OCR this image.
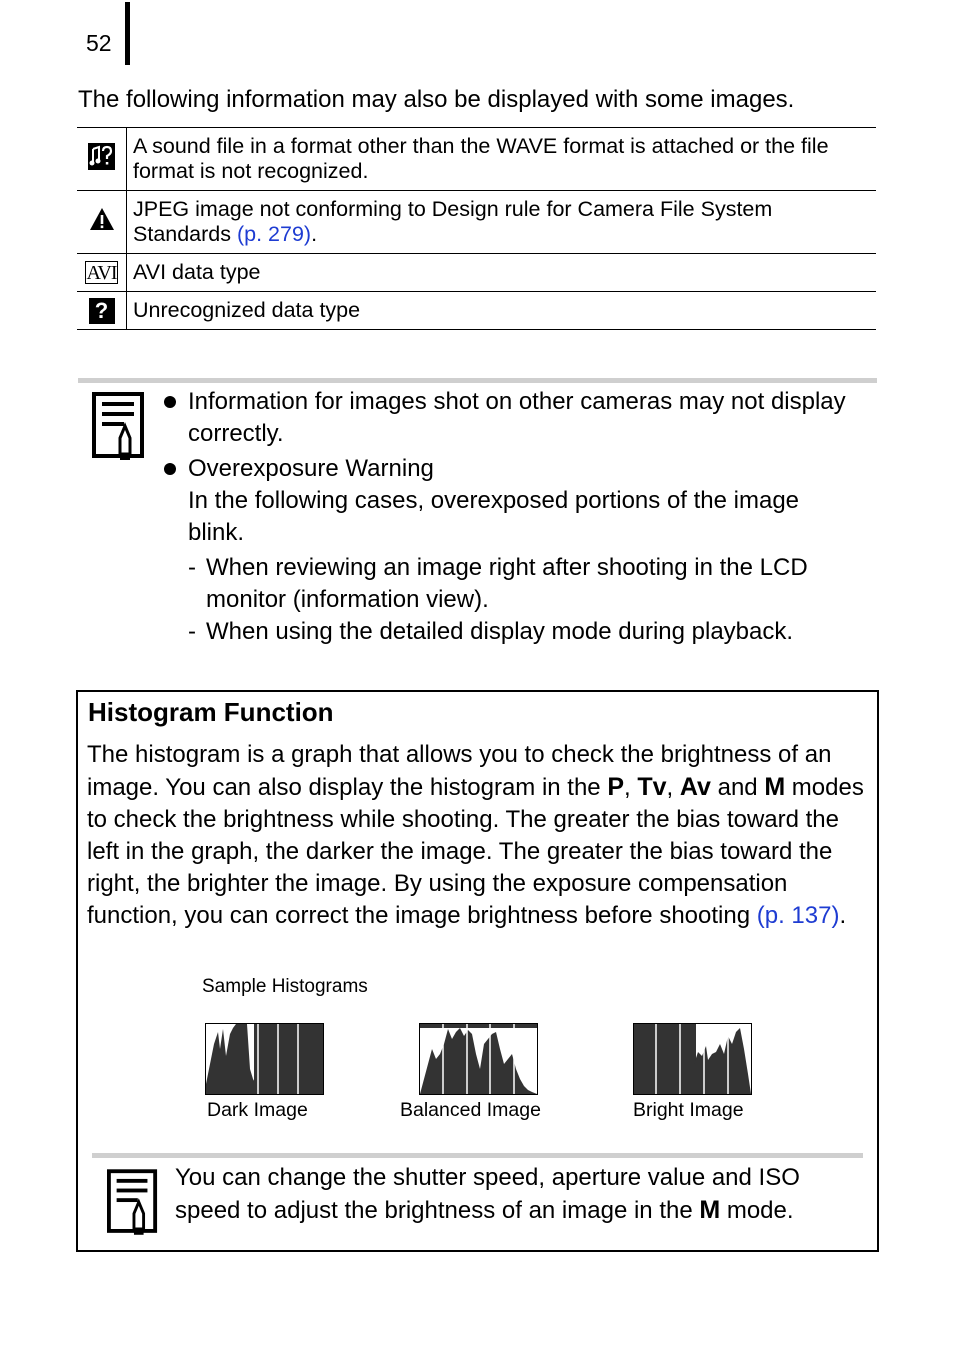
52
The following information may also be displayed with some images.
	A sound file in a format other than the WAVE format is attached or the file format is not recognized.
	JPEG image not conforming to Design rule for Camera File System Standards (p. 279).
AVI	AVI data type
?	Unrecognized data type
Information for images shot on other cameras may not display correctly.
Overexposure Warning
In the following cases, overexposed portions of the image blink.
- When reviewing an image right after shooting in the LCD monitor (information view).
- When using the detailed display mode during playback.
Histogram Function
The histogram is a graph that allows you to check the brightness of an image. You can also display the histogram in the P, Tv, Av and M modes to check the brightness while shooting. The greater the bias toward the left in the graph, the darker the image. The greater the bias toward the right, the brighter the image. By using the exposure compensation function, you can correct the image brightness before shooting (p. 137).
Sample Histograms
Dark Image	Balanced Image	Bright Image
You can change the shutter speed, aperture value and ISO speed to adjust the brightness of an image in the M mode.
